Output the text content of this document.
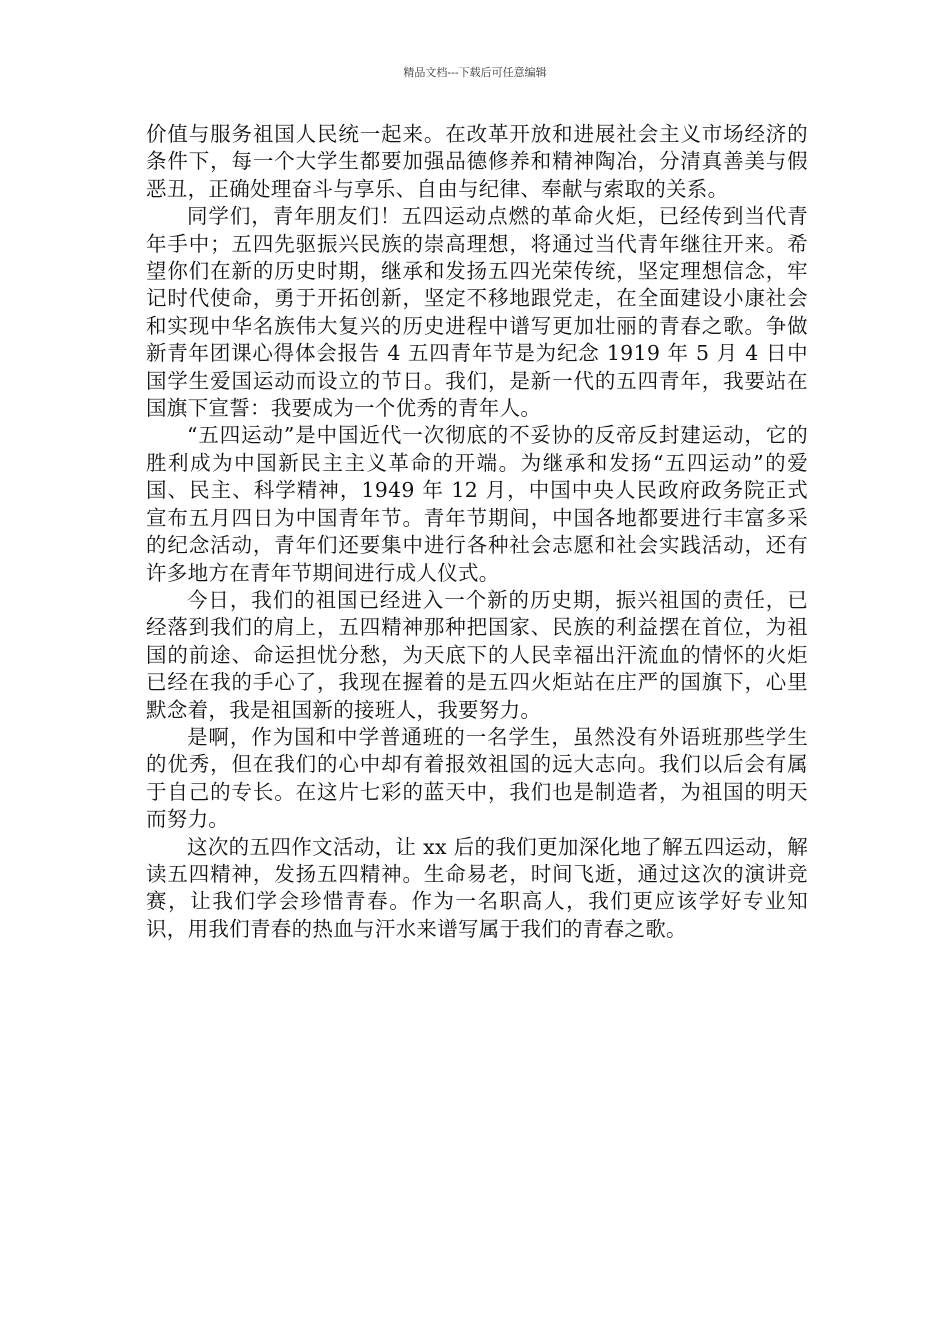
精品文档---下载后可任意编辑

价值与服务祖国人民统一起来。在改革开放和进展社会主义市场经济的条件下，每一个大学生都要加强品德修养和精神陶冶，分清真善美与假恶丑，正确处理奋斗与享乐、自由与纪律、奉献与索取的关系。

同学们，青年朋友们！五四运动点燃的革命火炬，已经传到当代青年手中；五四先驱振兴民族的崇高理想，将通过当代青年继往开来。希望你们在新的历史时期，继承和发扬五四光荣传统，坚定理想信念，牢记时代使命，勇于开拓创新，坚定不移地跟党走，在全面建设小康社会和实现中华名族伟大复兴的历史进程中谱写更加壮丽的青春之歌。争做新青年团课心得体会报告 4 五四青年节是为纪念 1919 年 5 月 4 日中国学生爱国运动而设立的节日。我们，是新一代的五四青年，我要站在国旗下宣誓：我要成为一个优秀的青年人。

“五四运动”是中国近代一次彻底的不妥协的反帝反封建运动，它的胜利成为中国新民主主义革命的开端。为继承和发扬“五四运动”的爱国、民主、科学精神，1949 年 12 月，中国中央人民政府政务院正式宣布五月四日为中国青年节。青年节期间，中国各地都要进行丰富多采的纪念活动，青年们还要集中进行各种社会志愿和社会实践活动，还有许多地方在青年节期间进行成人仪式。

今日，我们的祖国已经进入一个新的历史期，振兴祖国的责任，已经落到我们的肩上，五四精神那种把国家、民族的利益摆在首位，为祖国的前途、命运担忧分愁，为天底下的人民幸福出汗流血的情怀的火炬已经在我的手心了，我现在握着的是五四火炬站在庄严的国旗下，心里默念着，我是祖国新的接班人，我要努力。

是啊，作为国和中学普通班的一名学生，虽然没有外语班那些学生的优秀，但在我们的心中却有着报效祖国的远大志向。我们以后会有属于自己的专长。在这片七彩的蓝天中，我们也是制造者，为祖国的明天而努力。

这次的五四作文活动，让 xx 后的我们更加深化地了解五四运动，解读五四精神，发扬五四精神。生命易老，时间飞逝，通过这次的演讲竞赛，让我们学会珍惜青春。作为一名职高人，我们更应该学好专业知识，用我们青春的热血与汗水来谱写属于我们的青春之歌。
